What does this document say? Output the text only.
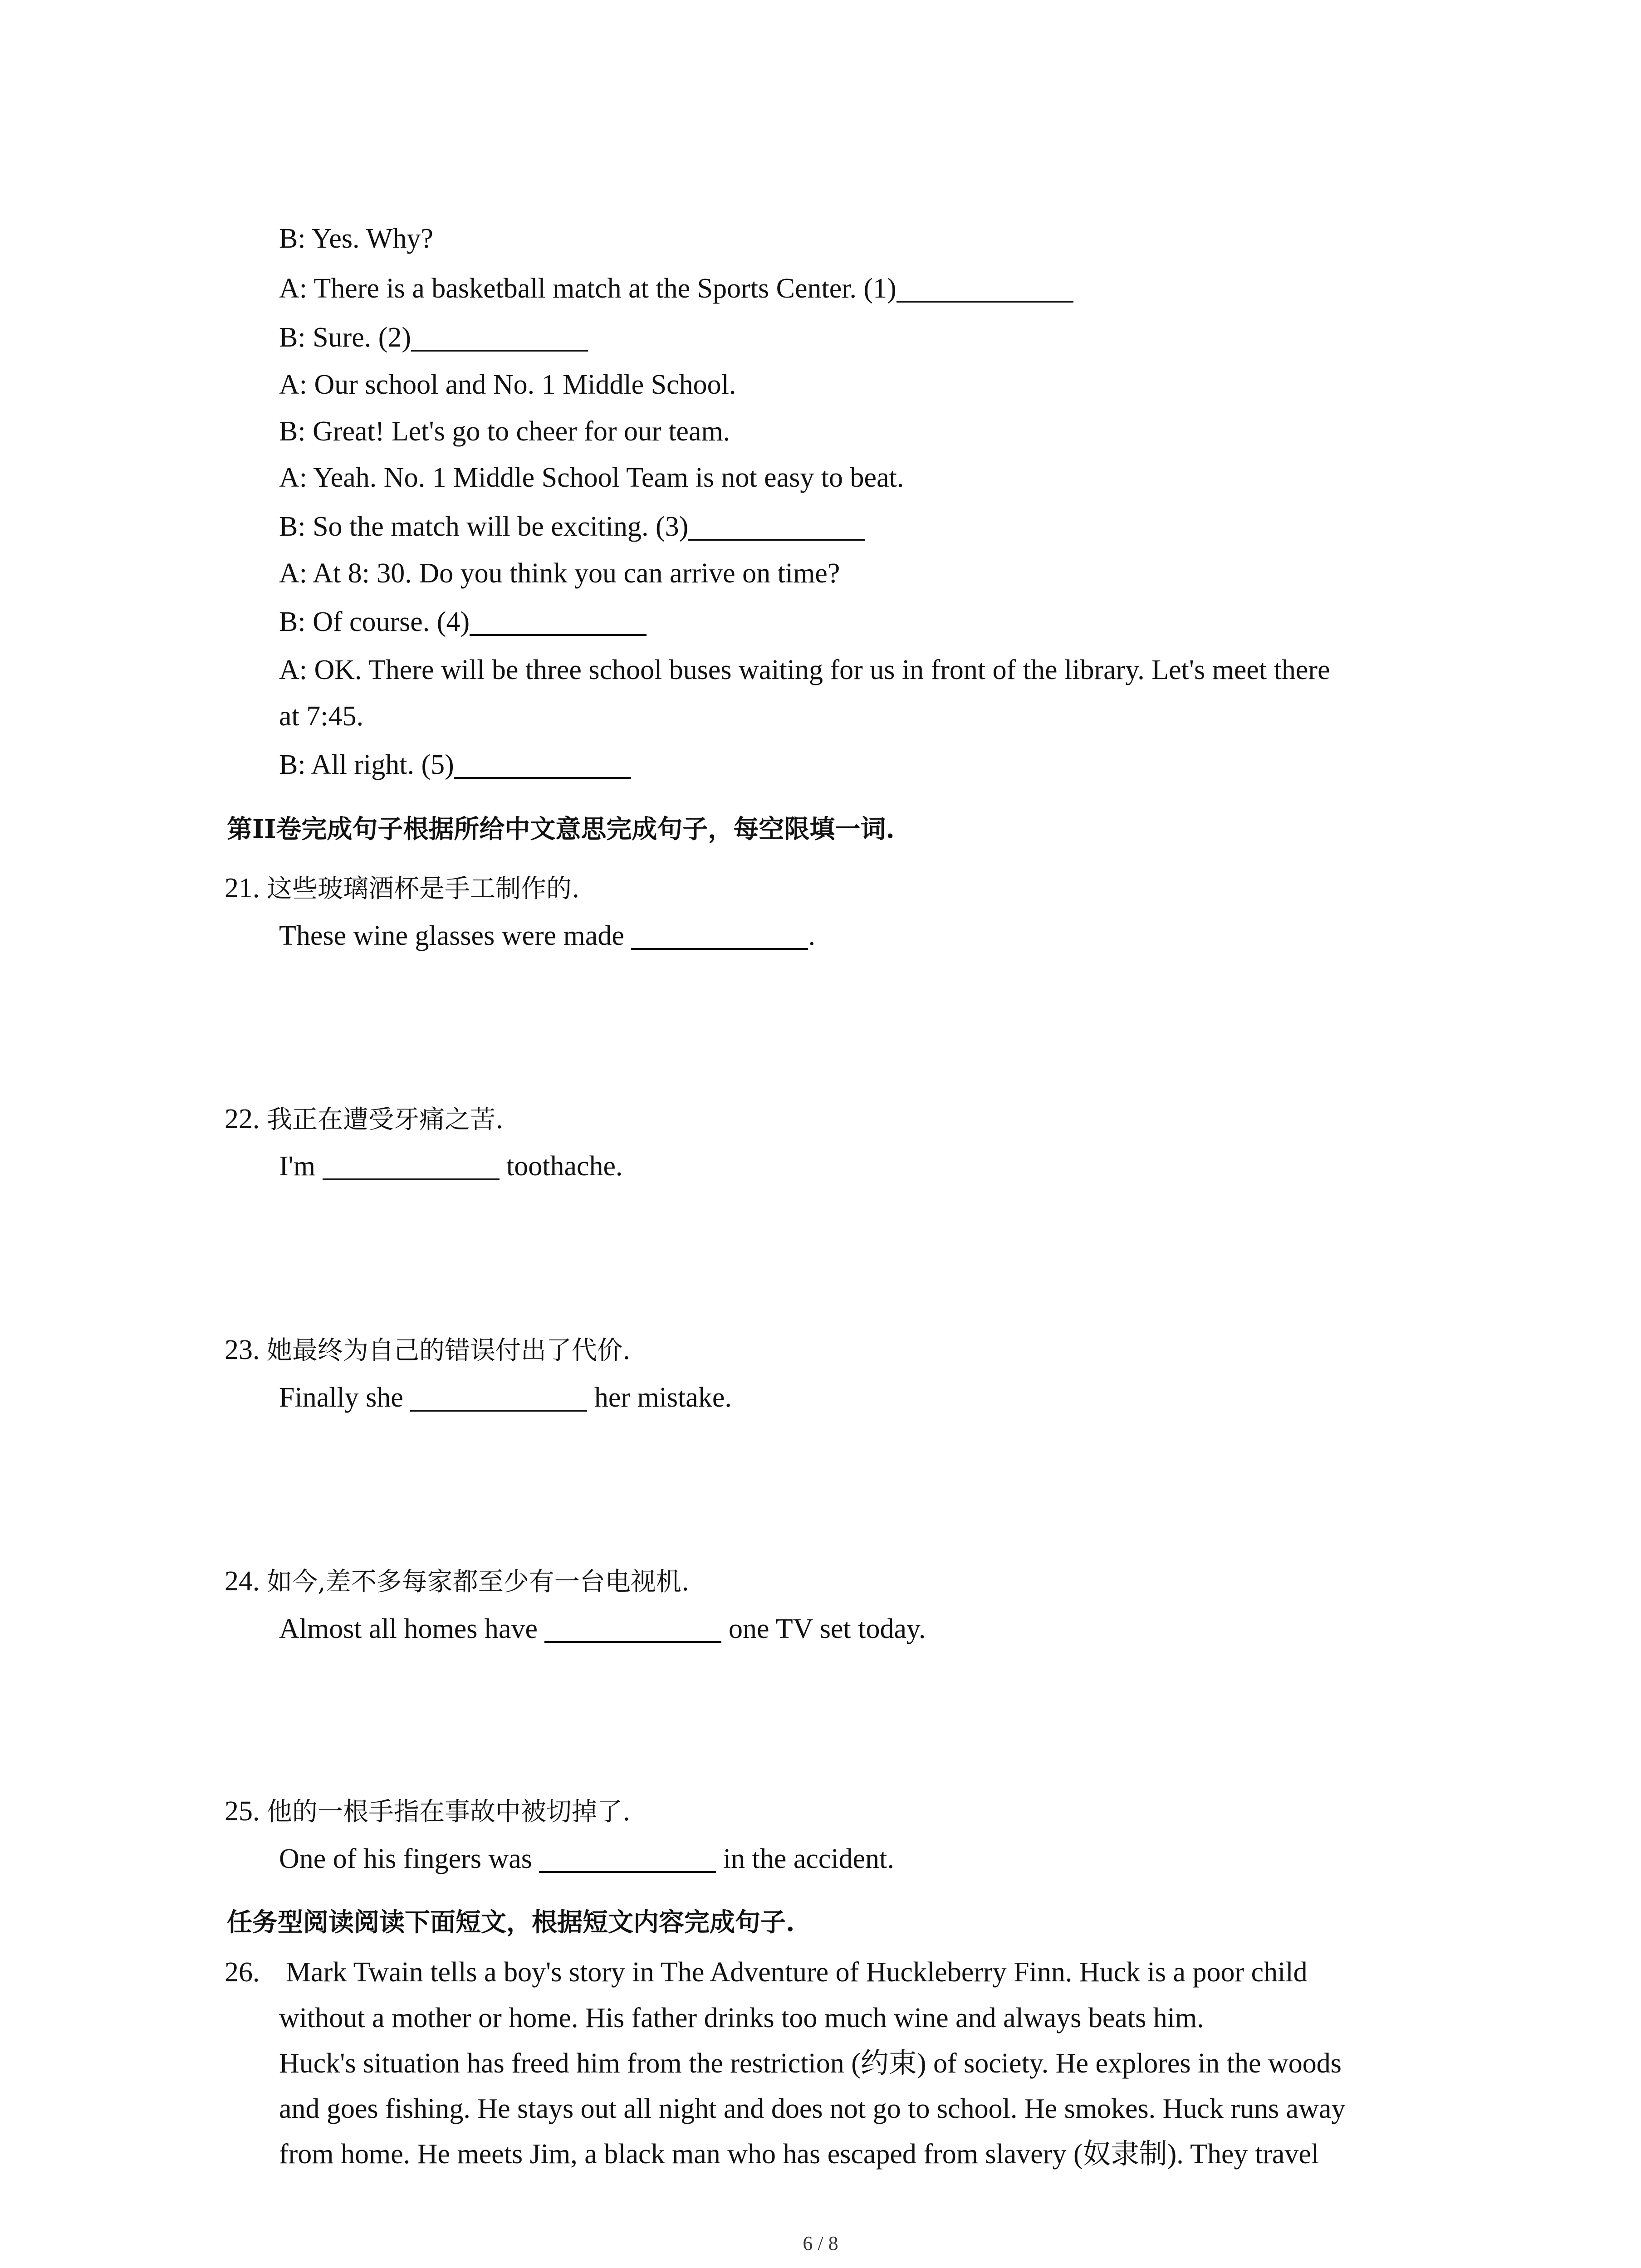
B: Yes. Why?
A: There is a basketball match at the Sports Center. (1)
B: Sure. (2)
A: Our school and No. 1 Middle School.
B: Great! Let's go to cheer for our team.
A: Yeah. No. 1 Middle School Team is not easy to beat.
B: So the match will be exciting. (3)
A: At 8: 30. Do you think you can arrive on time?
B: Of course. (4)
A: OK. There will be three school buses waiting for us in front of the library. Let's meet there
at 7:45.
B: All right. (5)
第II卷完成句子根据所给中文意思完成句子，每空限填一词.
21. 这些玻璃酒杯是手工制作的.
These wine glasses were made	.
22. 我正在遭受牙痛之苦.
I'm	toothache.
23. 她最终为自己的错误付出了代价.
Finally she	her mistake.
24. 如今,差不多每家都至少有一台电视机.
Almost all homes have	one TV set today.
25. 他的一根手指在事故中被切掉了.
One of his fingers was	in the accident.
任务型阅读阅读下面短文，根据短文内容完成句子.
26. Mark Twain tells a boy's story in The Adventure of Huckleberry Finn. Huck is a poor child
without a mother or home. His father drinks too much wine and always beats him.
Huck's situation has freed him from the restriction (约束) of society. He explores in the woods
and goes fishing. He stays out all night and does not go to school. He smokes. Huck runs away
from home. He meets Jim, a black man who has escaped from slavery (奴隶制). They travel
6 / 8
